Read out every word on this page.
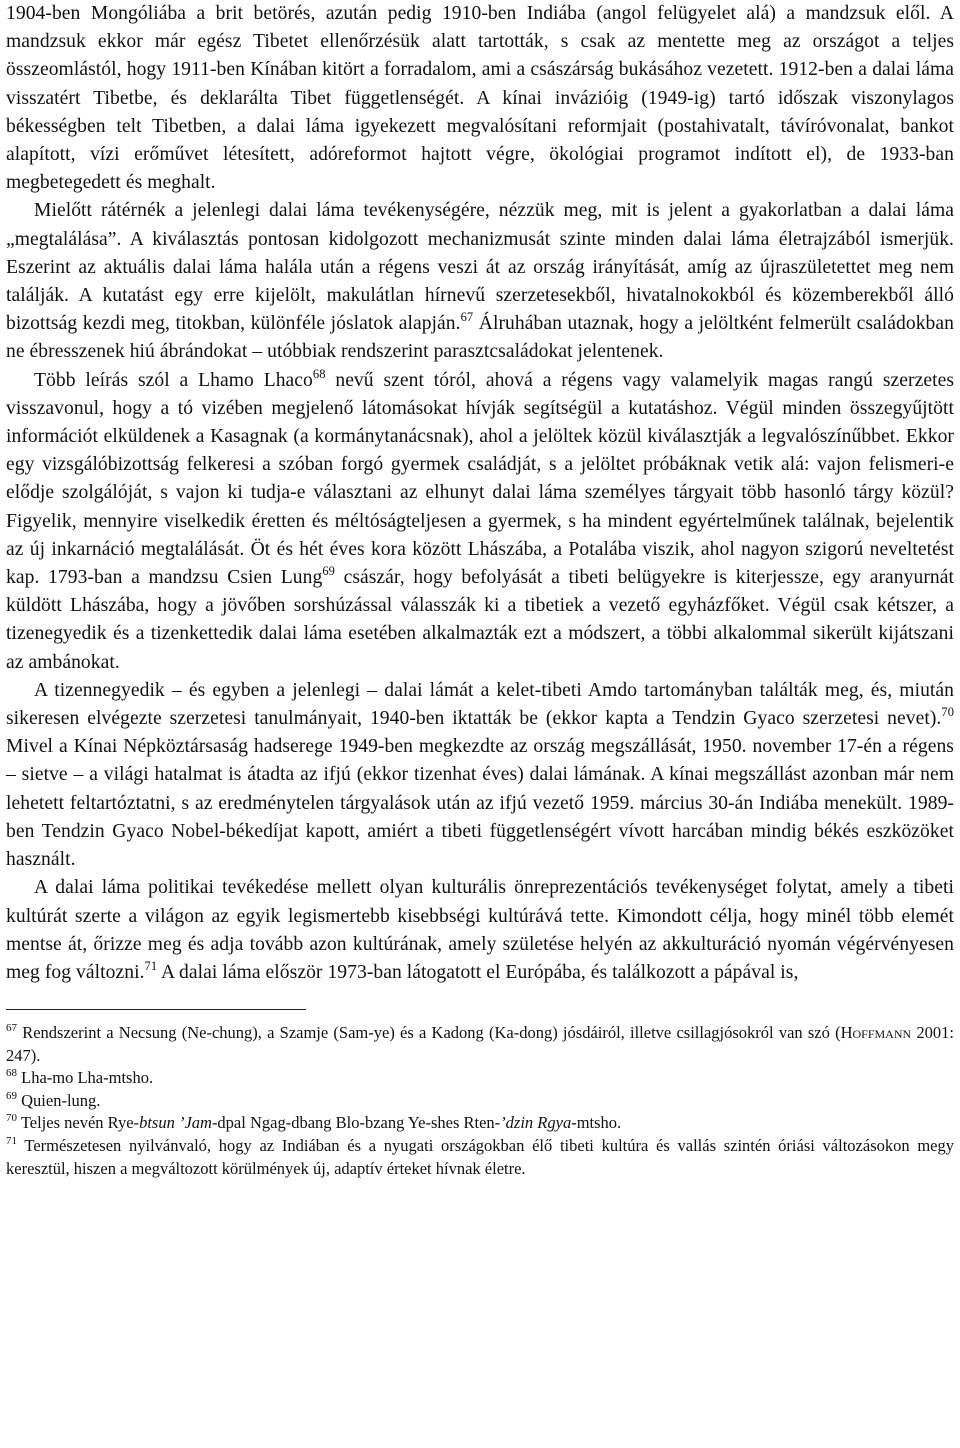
1904-ben Mongóliába a brit betörés, azután pedig 1910-ben Indiába (angol felügyelet alá) a mandzsuk elől. A mandzsuk ekkor már egész Tibetet ellenőrzésük alatt tartották, s csak az mentette meg az országot a teljes összeomlástól, hogy 1911-ben Kínában kitört a forradalom, ami a császárság bukásához vezetett. 1912-ben a dalai láma visszatért Tibetbe, és deklarálta Tibet függetlenségét. A kínai invázióig (1949-ig) tartó időszak viszonylagos békességben telt Tibetben, a dalai láma igyekezett megvalósítani reformjait (postahivatalt, távíróvonalat, bankot alapított, vízi erőművet létesített, adóreformot hajtott végre, ökológiai programot indított el), de 1933-ban megbetegedett és meghalt.

Mielőtt rátérnék a jelenlegi dalai láma tevékenységére, nézzük meg, mit is jelent a gyakorlatban a dalai láma „megtalálása”. A kiválasztás pontosan kidolgozott mechanizmusát szinte minden dalai láma életrajzából ismerjük. Eszerint az aktuális dalai láma halála után a régens veszi át az ország irányítását, amíg az újraszületettet meg nem találják. A kutatást egy erre kijelölt, makulátlan hírnevű szerzetesekből, hivatalnokokból és közemberekből álló bizottság kezdi meg, titokban, különféle jóslatok alapján.$^{67}$ Álruhában utaznak, hogy a jelöltként felmerült családokban ne ébresszenek hiú ábrándokat – utóbbiak rendszerint parasztcsaládokat jelentenek.

Több leírás szól a Lhamo Lhaco$^{68}$ nevű szent tóról, ahová a régens vagy valamelyik magas rangú szerzetes visszavonul, hogy a tó vizében megjelenő látomásokat hívják segítségül a kutatáshoz. Végül minden összegyűjtött információt elküldenek a Kasagnak (a kormánytanácsnak), ahol a jelöltek közül kiválasztják a legvalószínűbbet. Ekkor egy vizsgálóbizottság felkeresi a szóban forgó gyermek családját, s a jelöltet próbáknak vetik alá: vajon felismeri-e elődje szolgálóját, s vajon ki tudja-e választani az elhunyt dalai láma személyes tárgyait több hasonló tárgy közül? Figyelik, mennyire viselkedik éretten és méltóságteljesen a gyermek, s ha mindent egyértelműnek találnak, bejelentik az új inkarnáció megtalálását. Öt és hét éves kora között Lhászába, a Potalába viszik, ahol nagyon szigorú neveltetést kap. 1793-ban a mandzsu Csien Lung$^{69}$ császár, hogy befolyását a tibeti belügyekre is kiterjessze, egy aranyurnát küldött Lhászába, hogy a jövőben sorshúzással válasszák ki a tibetiek a vezető egyházfőket. Végül csak kétszer, a tizenegyedik és a tizenkettedik dalai láma esetében alkalmazták ezt a módszert, a többi alkalommal sikerült kijátszani az ambánokat.

A tizennegyedik – és egyben a jelenlegi – dalai lámát a kelet-tibeti Amdo tartományban találták meg, és, miután sikeresen elvégezte szerzetesi tanulmányait, 1940-ben iktatták be (ekkor kapta a Tendzin Gyaco szerzetesi nevet).$^{70}$ Mivel a Kínai Népköztársaság hadserege 1949-ben megkezdte az ország megszállását, 1950. november 17-én a régens – sietve – a világi hatalmat is átadta az ifjú (ekkor tizenhat éves) dalai lámának. A kínai megszállást azonban már nem lehetett feltartóztatni, s az eredménytelen tárgyalások után az ifjú vezető 1959. március 30-án Indiába menekült. 1989-ben Tendzin Gyaco Nobel-békedíjat kapott, amiért a tibeti függetlenségért vívott harcában mindig békés eszközöket használt.

A dalai láma politikai tevékedése mellett olyan kulturális önreprezentációs tevékenységet folytat, amely a tibeti kultúrát szerte a világon az egyik legismertebb kisebbségi kultúrává tette. Kimondott célja, hogy minél több elemét mentse át, őrizze meg és adja tovább azon kultúrának, amely születése helyén az akkulturáció nyomán végérvényesen meg fog változni.$^{71}$ A dalai láma először 1973-ban látogatott el Európába, és találkozott a pápával is,

$^{67}$ Rendszerint a Necsung (Ne-chung), a Szamje (Sam-ye) és a Kadong (Ka-dong) jósdáiról, illetve csillagjósokról van szó (Hoffmann 2001: 247).
$^{68}$ Lha-mo Lha-mtsho.
$^{69}$ Quien-lung.
$^{70}$ Teljes nevén Rye-btsun ’Jam-dpal Ngag-dbang Blo-bzang Ye-shes Rten-’dzin Rgya-mtsho.
$^{71}$ Természetesen nyilvánvaló, hogy az Indiában és a nyugati országokban élő tibeti kultúra és vallás szintén óriási változásokon megy keresztül, hiszen a megváltozott körülmények új, adaptív érteket hívnak életre.
